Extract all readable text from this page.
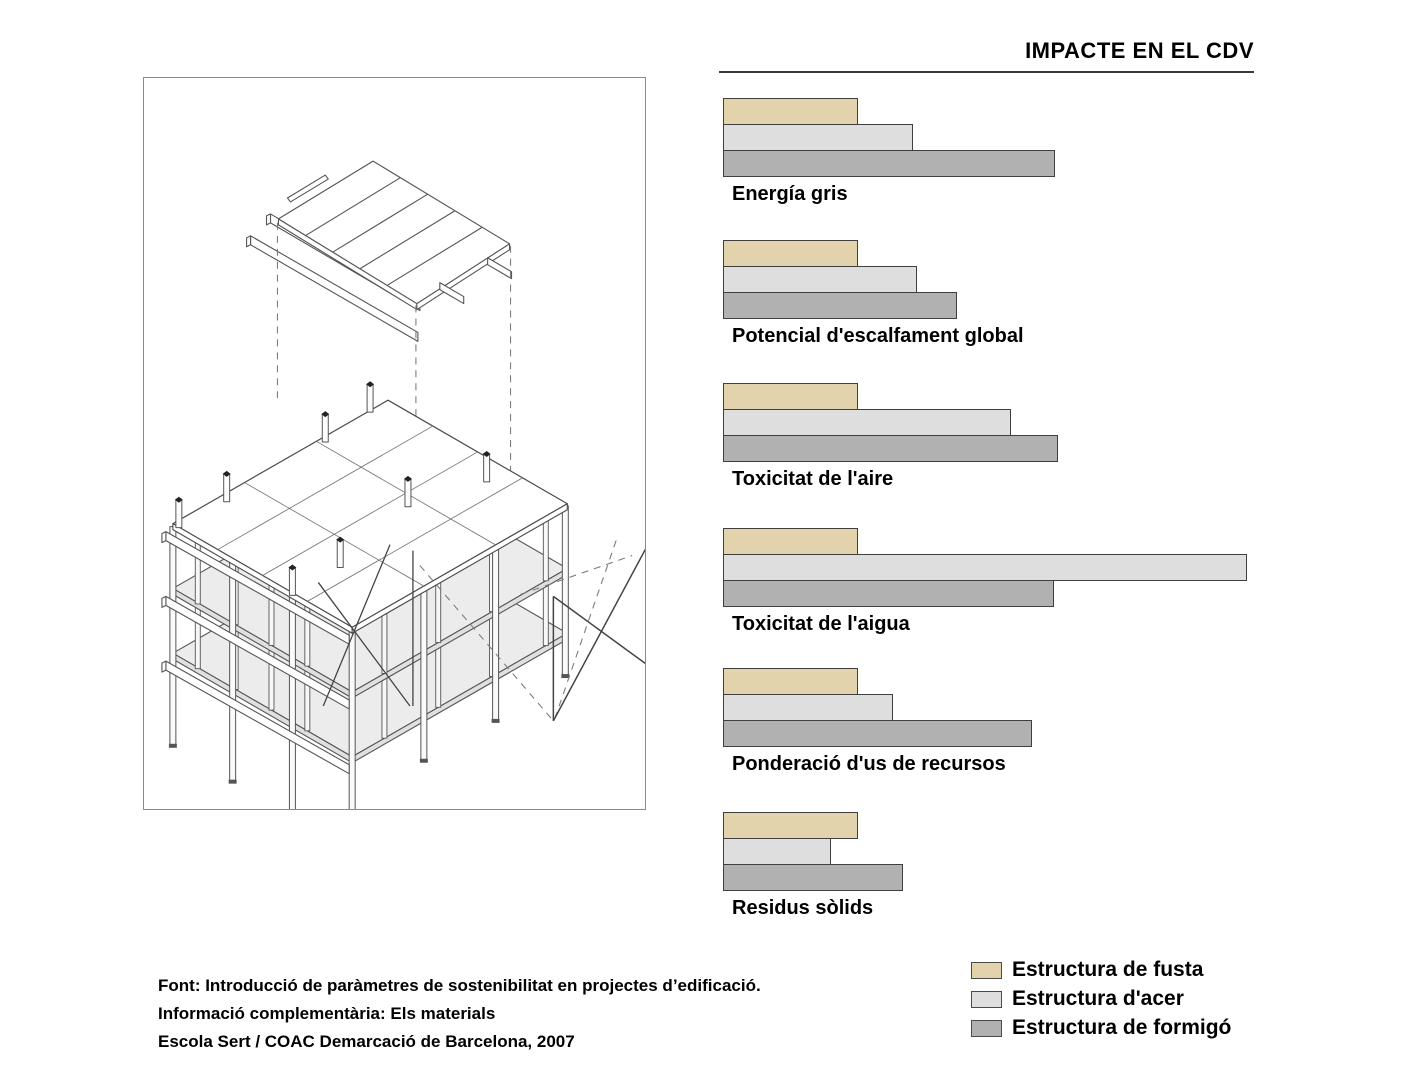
IMPACTE EN EL CDV
Energía gris
Potencial d'escalfament global
Toxicitat de l'aire
Toxicitat de l'aigua
Ponderació d'us de recursos
Residus sòlids
Estructura de fusta
Estructura d'acer
Estructura de formigó
Font: Introducció de paràmetres de sostenibilitat en projectes d’edificació.
Informació complementària: Els materials
Escola Sert / COAC Demarcació de Barcelona, 2007
